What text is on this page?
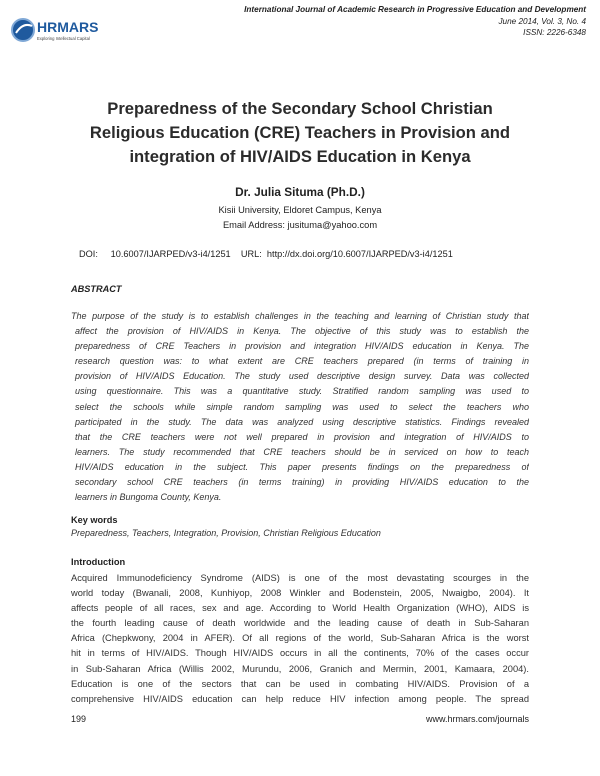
HRMARS
Exploring Intellectual Capital
International Journal of Academic Research in Progressive Education and Development
June 2014, Vol. 3, No. 4
ISSN: 2226-6348
Preparedness of the Secondary School Christian
Religious Education (CRE) Teachers in Provision and
integration of HIV/AIDS Education in Kenya
Dr. Julia Situma (Ph.D.)
Kisii University, Eldoret Campus, Kenya
Email Address: jusituma@yahoo.com
DOI:     10.6007/IJARPED/v3-i4/1251    URL:  http://dx.doi.org/10.6007/IJARPED/v3-i4/1251
ABSTRACT
The purpose of the study is to establish challenges in the teaching and learning of Christian study that
affect the provision of HIV/AIDS in Kenya. The objective of this study was to establish the
preparedness of CRE Teachers in provision and integration HIV/AIDS education in Kenya. The
research question was: to what extent are CRE teachers prepared (in terms of training in
provision of HIV/AIDS Education. The study used descriptive design survey. Data was collected
using questionnaire. This was a quantitative study. Stratified random sampling was used to
select the schools while simple random sampling was used to select the teachers who
participated in the study. The data was analyzed using descriptive statistics. Findings revealed
that the CRE teachers were not well prepared in provision and integration of HIV/AIDS to
learners. The study recommended that CRE teachers should be in serviced on how to teach
HIV/AIDS education in the subject. This paper presents findings on the preparedness of
secondary school CRE teachers (in terms training) in providing HIV/AIDS education to the
learners in Bungoma County, Kenya.
Key words
Preparedness, Teachers, Integration, Provision, Christian Religious Education
Introduction
Acquired Immunodeficiency Syndrome (AIDS) is one of the most devastating scourges in the
world today (Bwanali, 2008, Kunhiyop, 2008 Winkler and Bodenstein, 2005, Nwaigbo, 2004). It
affects people of all races, sex and age. According to World Health Organization (WHO), AIDS is
the fourth leading cause of death worldwide and the leading cause of death in Sub-Saharan
Africa (Chepkwony, 2004 in AFER). Of all regions of the world, Sub-Saharan Africa is the worst
hit in terms of HIV/AIDS. Though HIV/AIDS occurs in all the continents, 70% of the cases occur
in Sub-Saharan Africa (Willis 2002, Murundu, 2006, Granich and Mermin, 2001, Kamaara, 2004).
Education is one of the sectors that can be used in combating HIV/AIDS. Provision of a
comprehensive HIV/AIDS education can help reduce HIV infection among people. The spread
199	www.hrmars.com/journals
